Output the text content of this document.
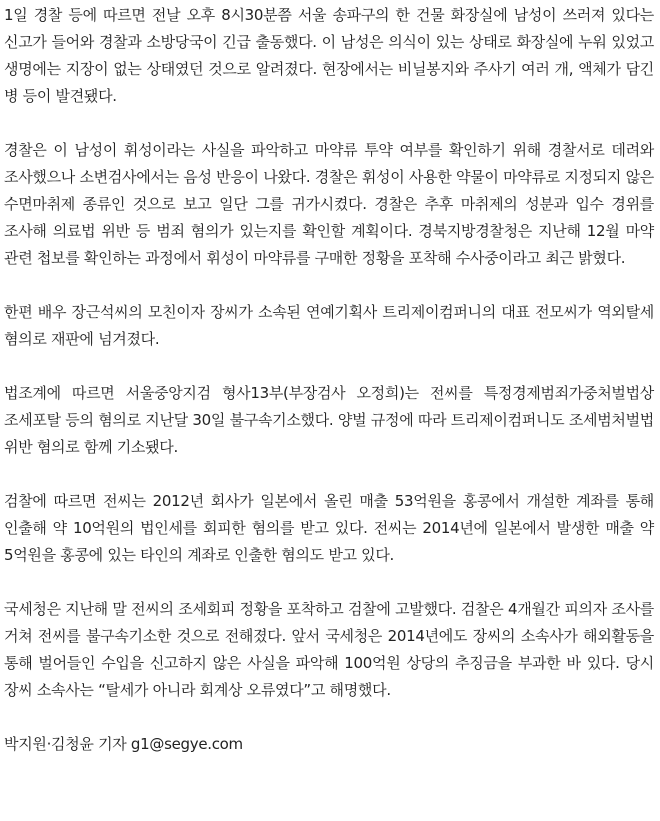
1일 경찰 등에 따르면 전날 오후 8시30분쯤 서울 송파구의 한 건물 화장실에 남성이 쓰러져 있다는 신고가 들어와 경찰과 소방당국이 긴급 출동했다. 이 남성은 의식이 있는 상태로 화장실에 누워 있었고 생명에는 지장이 없는 상태였던 것으로 알려졌다. 현장에서는 비닐봉지와 주사기 여러 개, 액체가 담긴 병 등이 발견됐다.

경찰은 이 남성이 휘성이라는 사실을 파악하고 마약류 투약 여부를 확인하기 위해 경찰서로 데려와 조사했으나 소변검사에서는 음성 반응이 나왔다. 경찰은 휘성이 사용한 약물이 마약류로 지정되지 않은 수면마취제 종류인 것으로 보고 일단 그를 귀가시켰다. 경찰은 추후 마취제의 성분과 입수 경위를 조사해 의료법 위반 등 범죄 혐의가 있는지를 확인할 계획이다. 경북지방경찰청은 지난해 12월 마약 관련 첩보를 확인하는 과정에서 휘성이 마약류를 구매한 정황을 포착해 수사중이라고 최근 밝혔다.

한편 배우 장근석씨의 모친이자 장씨가 소속된 연예기획사 트리제이컴퍼니의 대표 전모씨가 역외탈세 혐의로 재판에 넘겨졌다.

법조계에 따르면 서울중앙지검 형사13부(부장검사 오정희)는 전씨를 특정경제범죄가중처벌법상 조세포탈 등의 혐의로 지난달 30일 불구속기소했다. 양벌 규정에 따라 트리제이컴퍼니도 조세범처벌법 위반 혐의로 함께 기소됐다.

검찰에 따르면 전씨는 2012년 회사가 일본에서 올린 매출 53억원을 홍콩에서 개설한 계좌를 통해 인출해 약 10억원의 법인세를 회피한 혐의를 받고 있다. 전씨는 2014년에 일본에서 발생한 매출 약 5억원을 홍콩에 있는 타인의 계좌로 인출한 혐의도 받고 있다.

국세청은 지난해 말 전씨의 조세회피 정황을 포착하고 검찰에 고발했다. 검찰은 4개월간 피의자 조사를 거쳐 전씨를 불구속기소한 것으로 전해졌다. 앞서 국세청은 2014년에도 장씨의 소속사가 해외활동을 통해 벌어들인 수입을 신고하지 않은 사실을 파악해 100억원 상당의 추징금을 부과한 바 있다. 당시 장씨 소속사는 “탈세가 아니라 회계상 오류였다”고 해명했다.

박지원·김청윤 기자 g1@segye.com
